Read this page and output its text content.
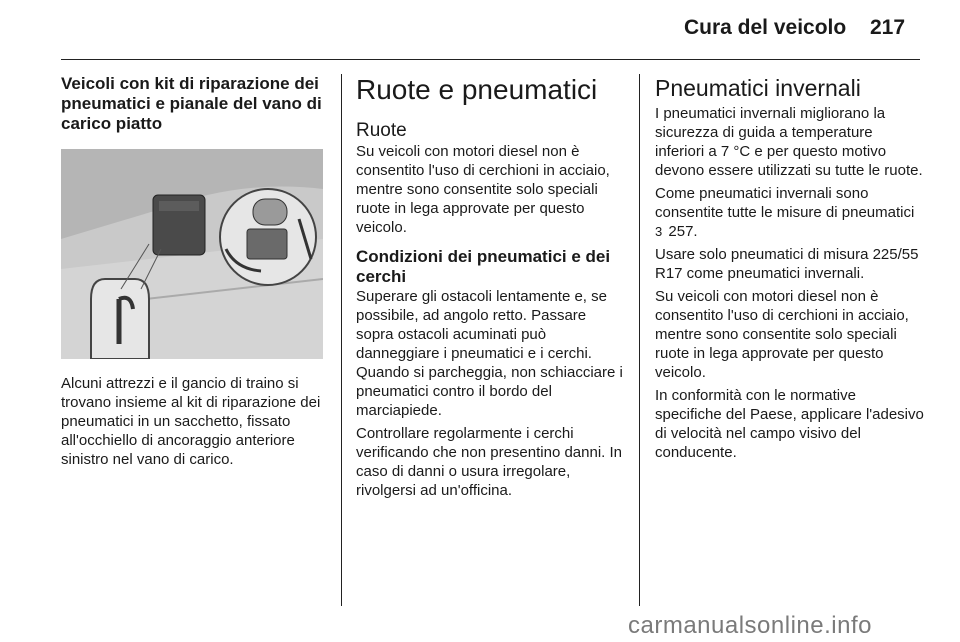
Cura del veicolo 217
Veicoli con kit di riparazione dei pneumatici e pianale del vano di carico piatto

Alcuni attrezzi e il gancio di traino si trovano insieme al kit di riparazione dei pneumatici in un sacchetto, fissato all'occhiello di ancoraggio anteriore sinistro nel vano di carico.

Ruote e pneumatici
Ruote

Su veicoli con motori diesel non è consentito l'uso di cerchioni in acciaio, mentre sono consentite solo speciali ruote in lega approvate per questo veicolo.

Condizioni dei pneumatici e dei cerchi

Superare gli ostacoli lentamente e, se possibile, ad angolo retto. Passare sopra ostacoli acuminati può danneggiare i pneumatici e i cerchi. Quando si parcheggia, non schiacciare i pneumatici contro il bordo del marciapiede.

Controllare regolarmente i cerchi verificando che non presentino danni. In caso di danni o usura irregolare, rivolgersi ad un'officina.

Pneumatici invernali

I pneumatici invernali migliorano la sicurezza di guida a temperature inferiori a 7 °C e per questo motivo devono essere utilizzati su tutte le ruote.

Come pneumatici invernali sono consentite tutte le misure di pneumatici
3 257.

Usare solo pneumatici di misura 225/55 R17 come pneumatici invernali.

Su veicoli con motori diesel non è consentito l'uso di cerchioni in acciaio, mentre sono consentite solo speciali ruote in lega approvate per questo veicolo.

In conformità con le normative specifiche del Paese, applicare l'adesivo di velocità nel campo visivo del conducente.

carmanualsonline.info
